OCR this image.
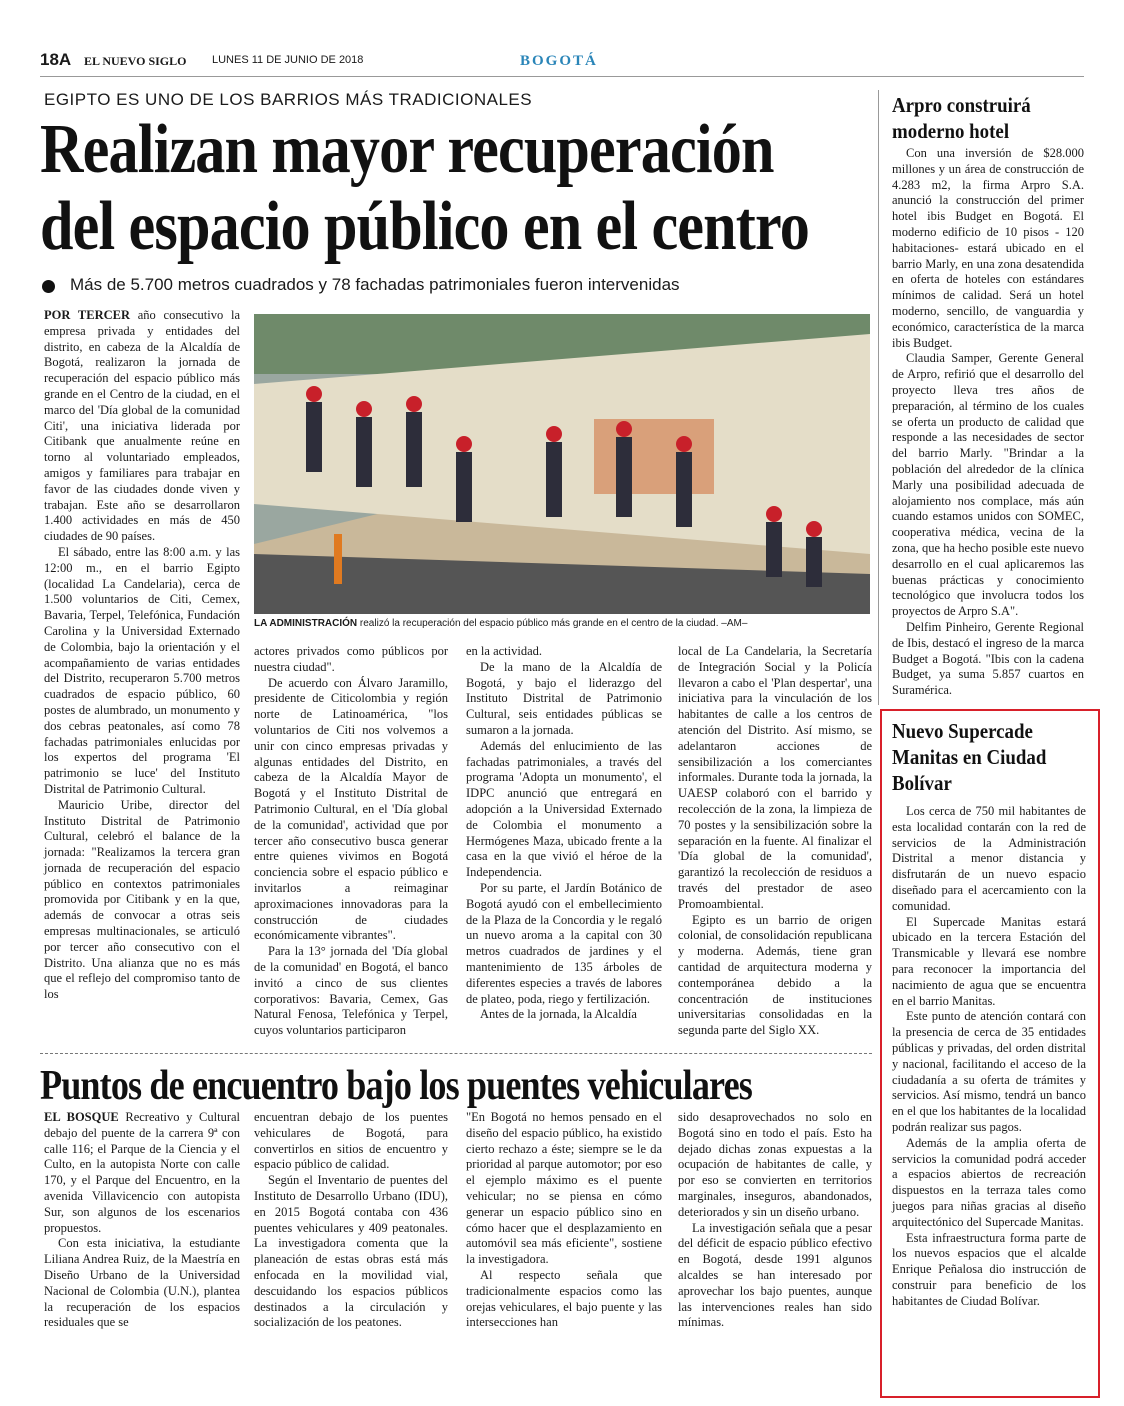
18A EL NUEVO SIGLO LUNES 11 DE JUNIO DE 2018	BOGOTÁ
EGIPTO ES UNO DE LOS BARRIOS MÁS TRADICIONALES
Realizan mayor recuperación
del espacio público en el centro
Más de 5.700 metros cuadrados y 78 fachadas patrimoniales fueron intervenidas

POR TERCER año consecutivo la empresa privada y entidades del distrito, en cabeza de la Alcaldía de Bogotá, realizaron la jornada de recuperación del espacio público más grande en el Centro de la ciudad, en el marco del 'Día global de la comunidad Citi', una iniciativa liderada por Citibank que anualmente reúne en torno al voluntariado empleados, amigos y familiares para trabajar en favor de las ciudades donde viven y trabajan. Este año se desarrollaron 1.400 actividades en más de 450 ciudades de 90 países.

El sábado, entre las 8:00 a.m. y las 12:00 m., en el barrio Egipto (localidad La Candelaria), cerca de 1.500 voluntarios de Citi, Cemex, Bavaria, Terpel, Telefónica, Fundación Carolina y la Universidad Externado de Colombia, bajo la orientación y el acompañamiento de varias entidades del Distrito, recuperaron 5.700 metros cuadrados de espacio público, 60 postes de alumbrado, un monumento y dos cebras peatonales, así como 78 fachadas patrimoniales enlucidas por los expertos del programa 'El patrimonio se luce' del Instituto Distrital de Patrimonio Cultural.

Mauricio Uribe, director del Instituto Distrital de Patrimonio Cultural, celebró el balance de la jornada: "Realizamos la tercera gran jornada de recuperación del espacio público en contextos patrimoniales promovida por Citibank y en la que, además de convocar a otras seis empresas multinacionales, se articuló por tercer año consecutivo con el Distrito. Una alianza que no es más que el reflejo del compromiso tanto de los

LA ADMINISTRACIÓN realizó la recuperación del espacio público más grande en el centro de la ciudad. –AM–

actores privados como públicos por nuestra ciudad".

De acuerdo con Álvaro Jaramillo, presidente de Citicolombia y región norte de Latinoamérica, "los voluntarios de Citi nos volvemos a unir con cinco empresas privadas y algunas entidades del Distrito, en cabeza de la Alcaldía Mayor de Bogotá y el Instituto Distrital de Patrimonio Cultural, en el 'Día global de la comunidad', actividad que por tercer año consecutivo busca generar entre quienes vivimos en Bogotá conciencia sobre el espacio público e invitarlos a reimaginar aproximaciones innovadoras para la construcción de ciudades económicamente vibrantes".

Para la 13° jornada del 'Día global de la comunidad' en Bogotá, el banco invitó a cinco de sus clientes corporativos: Bavaria, Cemex, Gas Natural Fenosa, Telefónica y Terpel, cuyos voluntarios participaron

en la actividad.

De la mano de la Alcaldía de Bogotá, y bajo el liderazgo del Instituto Distrital de Patrimonio Cultural, seis entidades públicas se sumaron a la jornada.

Además del enlucimiento de las fachadas patrimoniales, a través del programa 'Adopta un monumento', el IDPC anunció que entregará en adopción a la Universidad Externado de Colombia el monumento a Hermógenes Maza, ubicado frente a la casa en la que vivió el héroe de la Independencia.

Por su parte, el Jardín Botánico de Bogotá ayudó con el embellecimiento de la Plaza de la Concordia y le regaló un nuevo aroma a la capital con 30 metros cuadrados de jardines y el mantenimiento de 135 árboles de diferentes especies a través de labores de plateo, poda, riego y fertilización.

Antes de la jornada, la Alcaldía

local de La Candelaria, la Secretaría de Integración Social y la Policía llevaron a cabo el 'Plan despertar', una iniciativa para la vinculación de los habitantes de calle a los centros de atención del Distrito. Así mismo, se adelantaron acciones de sensibilización a los comerciantes informales. Durante toda la jornada, la UAESP colaboró con el barrido y recolección de la zona, la limpieza de 70 postes y la sensibilización sobre la separación en la fuente. Al finalizar el 'Día global de la comunidad', garantizó la recolección de residuos a través del prestador de aseo Promoambiental.

Egipto es un barrio de origen colonial, de consolidación republicana y moderna. Además, tiene gran cantidad de arquitectura moderna y contemporánea debido a la concentración de instituciones universitarias consolidadas en la segunda parte del Siglo XX.

Puntos de encuentro bajo los puentes vehiculares

EL BOSQUE Recreativo y Cultural debajo del puente de la carrera 9ª con calle 116; el Parque de la Ciencia y el Culto, en la autopista Norte con calle 170, y el Parque del Encuentro, en la avenida Villavicencio con autopista Sur, son algunos de los escenarios propuestos.

Con esta iniciativa, la estudiante Liliana Andrea Ruiz, de la Maestría en Diseño Urbano de la Universidad Nacional de Colombia (U.N.), plantea la recuperación de los espacios residuales que se

encuentran debajo de los puentes vehiculares de Bogotá, para convertirlos en sitios de encuentro y espacio público de calidad.

Según el Inventario de puentes del Instituto de Desarrollo Urbano (IDU), en 2015 Bogotá contaba con 436 puentes vehiculares y 409 peatonales. La investigadora comenta que la planeación de estas obras está más enfocada en la movilidad vial, descuidando los espacios públicos destinados a la circulación y socialización de los peatones.

"En Bogotá no hemos pensado en el diseño del espacio público, ha existido cierto rechazo a éste; siempre se le da prioridad al parque automotor; por eso el ejemplo máximo es el puente vehicular; no se piensa en cómo generar un espacio público sino en cómo hacer que el desplazamiento en automóvil sea más eficiente", sostiene la investigadora.

Al respecto señala que tradicionalmente espacios como las orejas vehiculares, el bajo puente y las intersecciones han

sido desaprovechados no solo en Bogotá sino en todo el país. Esto ha dejado dichas zonas expuestas a la ocupación de habitantes de calle, y por eso se convierten en territorios marginales, inseguros, abandonados, deteriorados y sin un diseño urbano.

La investigación señala que a pesar del déficit de espacio público efectivo en Bogotá, desde 1991 algunos alcaldes se han interesado por aprovechar los bajo puentes, aunque las intervenciones reales han sido mínimas.

Arpro construirá
moderno hotel

Con una inversión de $28.000 millones y un área de construcción de 4.283 m2, la firma Arpro S.A. anunció la construcción del primer hotel ibis Budget en Bogotá. El moderno edificio de 10 pisos - 120 habitaciones- estará ubicado en el barrio Marly, en una zona desatendida en oferta de hoteles con estándares mínimos de calidad. Será un hotel moderno, sencillo, de vanguardia y económico, característica de la marca ibis Budget.

Claudia Samper, Gerente General de Arpro, refirió que el desarrollo del proyecto lleva tres años de preparación, al término de los cuales se oferta un producto de calidad que responde a las necesidades de sector del barrio Marly. "Brindar a la población del alrededor de la clínica Marly una posibilidad adecuada de alojamiento nos complace, más aún cuando estamos unidos con SOMEC, cooperativa médica, vecina de la zona, que ha hecho posible este nuevo desarrollo en el cual aplicaremos las buenas prácticas y conocimiento tecnológico que involucra todos los proyectos de Arpro S.A".

Delfim Pinheiro, Gerente Regional de Ibis, destacó el ingreso de la marca Budget a Bogotá. "Ibis con la cadena Budget, ya suma 5.857 cuartos en Suramérica.

Nuevo Supercade
Manitas en Ciudad
Bolívar

Los cerca de 750 mil habitantes de esta localidad contarán con la red de servicios de la Administración Distrital a menor distancia y disfrutarán de un nuevo espacio diseñado para el acercamiento con la comunidad.

El Supercade Manitas estará ubicado en la tercera Estación del Transmicable y llevará ese nombre para reconocer la importancia del nacimiento de agua que se encuentra en el barrio Manitas.

Este punto de atención contará con la presencia de cerca de 35 entidades públicas y privadas, del orden distrital y nacional, facilitando el acceso de la ciudadanía a su oferta de trámites y servicios. Así mismo, tendrá un banco en el que los habitantes de la localidad podrán realizar sus pagos.

Además de la amplia oferta de servicios la comunidad podrá acceder a espacios abiertos de recreación dispuestos en la terraza tales como juegos para niñas gracias al diseño arquitectónico del Supercade Manitas.

Esta infraestructura forma parte de los nuevos espacios que el alcalde Enrique Peñalosa dio instrucción de construir para beneficio de los habitantes de Ciudad Bolívar.
